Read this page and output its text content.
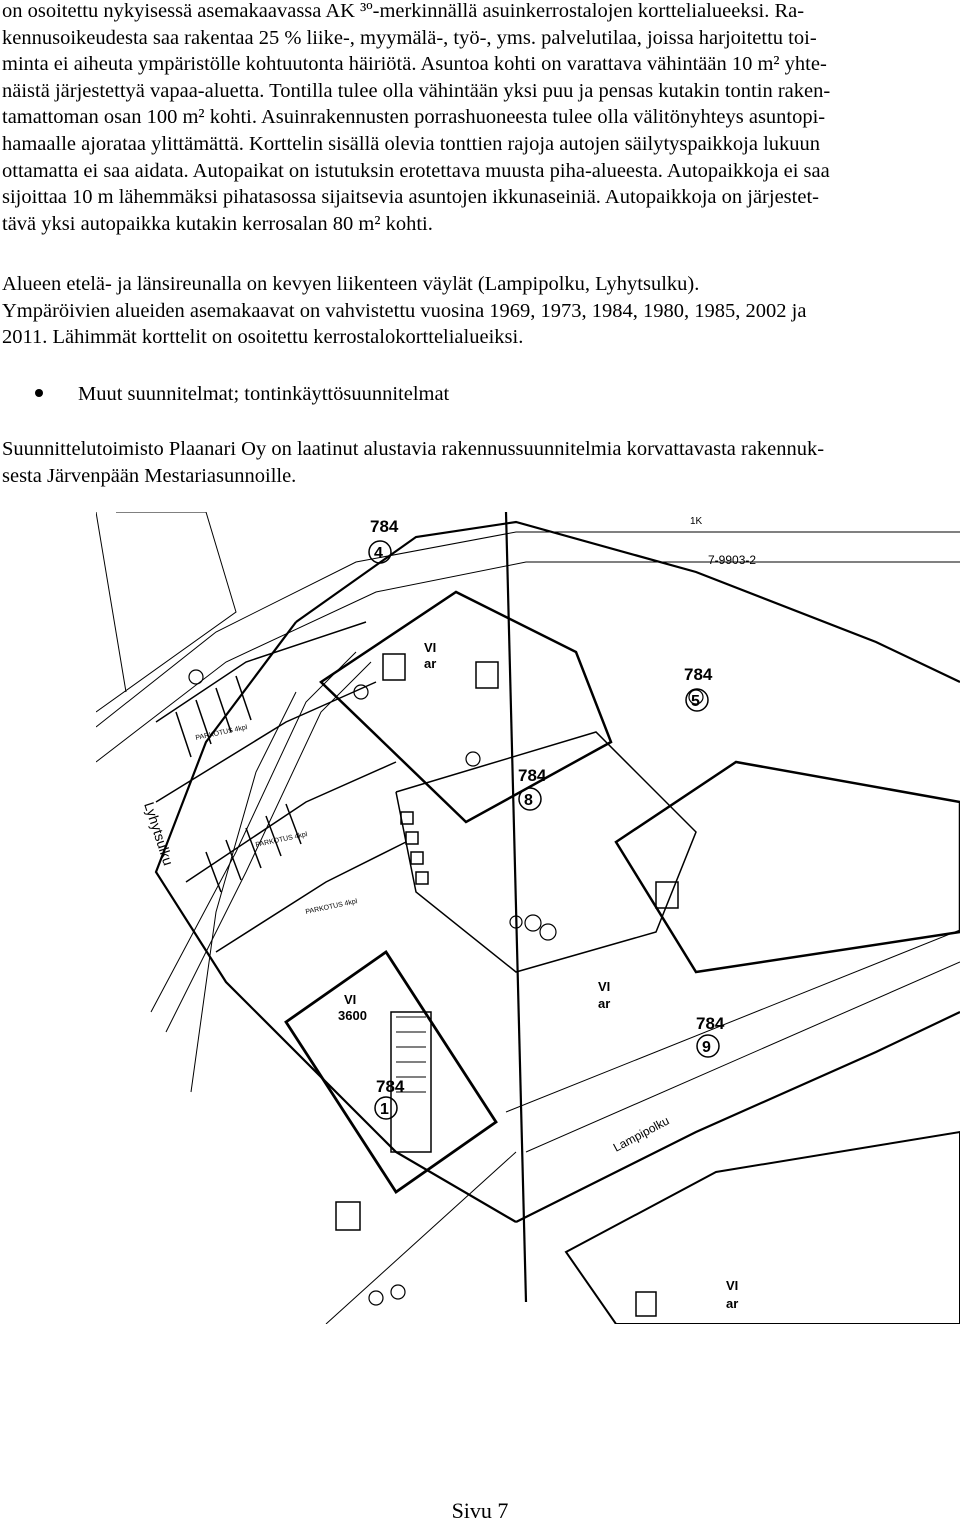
on osoitettu nykyisessä asemakaavassa AK ³º-merkinnällä asuinkerrostalojen korttelialueeksi. Ra-
kennusoikeudesta saa rakentaa 25 % liike-, myymälä-, työ-, yms. palvelutilaa, joissa harjoitettu toi-
minta ei aiheuta ympäristölle kohtuutonta häiriötä. Asuntoa kohti on varattava vähintään 10 m² yhte-
näistä järjestettyä vapaa-aluetta. Tontilla tulee olla vähintään yksi puu ja pensas kutakin tontin raken-
tamattoman osan 100 m² kohti. Asuinrakennusten porrashuoneesta tulee olla välitönyhteys asuntopi-
hamaalle ajorataa ylittämättä. Korttelin sisällä olevia tonttien rajoja autojen säilytyspaikkoja lukuun
ottamatta ei saa aidata. Autopaikat on istutuksin erotettava muusta piha-alueesta. Autopaikkoja ei saa
sijoittaa 10 m lähemmäksi pihatasossa sijaitsevia asuntojen ikkunaseiniä. Autopaikkoja on järjestet-
tävä yksi autopaikka kutakin kerrosalan 80 m² kohti.
Alueen etelä- ja länsireunalla on kevyen liikenteen väylät (Lampipolku, Lyhytsulku).
Ympäröivien alueiden asemakaavat on vahvistettu vuosina 1969, 1973, 1984, 1980, 1985, 2002 ja
2011. Lähimmät korttelit on osoitettu kerrostalokorttelialueiksi.
Muut suunnitelmat; tontinkäyttösuunnitelmat
Suunnittelutoimisto Plaanari Oy on laatinut alustavia rakennussuunnitelmia korvattavasta rakennuk-
sesta Järvenpään Mestariasunnoille.
784
4
784
5
784
8
784
9
784
1
7-9903-2
1K
VI
ar
VI
ar
VI
3600
VI
ar
Lyhytsulku
Lampipolku
PARKOTUS 4kpl
PARKOTUS 4kpl
PARKOTUS 4kpl
Sivu 7
